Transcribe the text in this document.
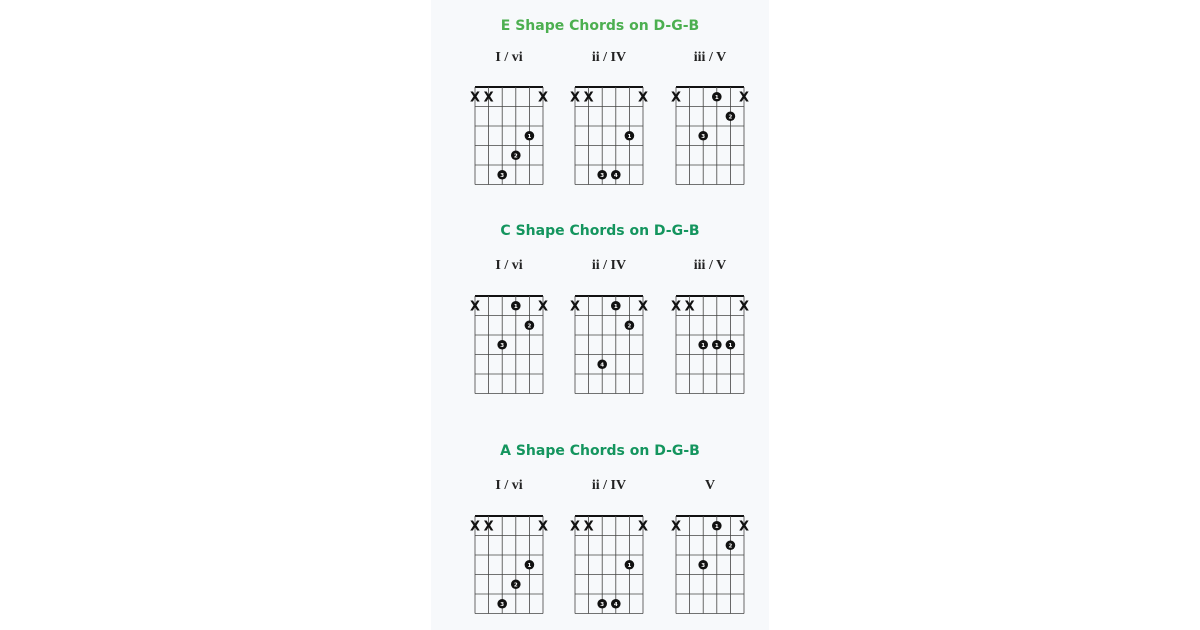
E Shape Chords on D-G-B
C Shape Chords on D-G-B
A Shape Chords on D-G-B
I / vi
X X	X
1
2
3
ii / IV
X X	X
1
3 4
iii / V
X	X
1
2
3
I / vi
X	X
1
2
3
ii / IV
X	X
1
2
4
iii / V
X X	X
1 1 1
I / vi
X X	X
1
2
3
ii / IV
X X	X
1
3 4
V
X	X
1
2
3
